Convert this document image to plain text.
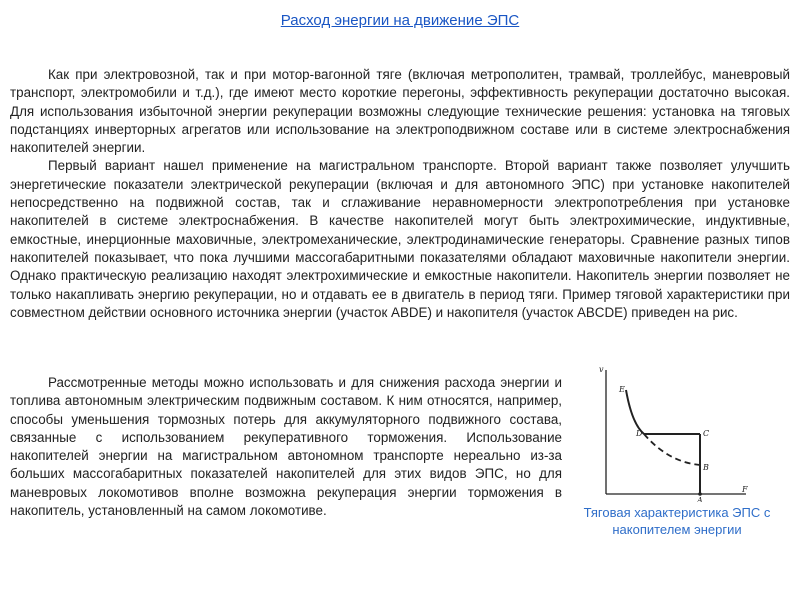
Расход энергии на движение ЭПС

Как при электровозной, так и при мотор-вагонной тяге (включая метрополитен, трамвай, троллейбус, маневровый транспорт, электромобили и т.д.), где имеют место короткие перегоны, эффективность рекуперации достаточно высокая. Для использования избыточной энергии рекуперации возможны следующие технические решения: установка на тяговых подстанциях инверторных агрегатов или использование на электроподвижном составе или в системе электроснабжения накопителей энергии.

Первый вариант нашел применение на магистральном транспорте. Второй вариант также позволяет улучшить энергетические показатели электрической рекуперации (включая и для автономного ЭПС) при установке накопителей непосредственно на подвижной состав, так и сглаживание неравномерности электропотребления при установке накопителей в системе электроснабжения. В качестве накопителей могут быть электрохимические, индуктивные, емкостные, инерционные маховичные, электромеханические, электродинамические генераторы. Сравнение разных типов накопителей показывает, что пока лучшими массогабаритными показателями обладают маховичные накопители энергии. Однако практическую реализацию находят электрохимические и емкостные накопители. Накопитель энергии позволяет не только накапливать энергию рекуперации, но и отдавать ее в двигатель в период тяги. Пример тяговой характеристики при совместном действии основного источника энергии (участок ABDE) и накопителя (участок ABCDE) приведен на рис.

Рассмотренные методы можно использовать и для снижения расхода энергии и топлива автономным электрическим подвижным составом. К ним относятся, например, способы уменьшения тормозных потерь для аккумуляторного подвижного состава, связанные с использованием рекуперативного торможения. Использование накопителей энергии на магистральном автономном транспорте нереально из-за больших массогабаритных показателей накопителей для этих видов ЭПС, но для маневровых локомотивов вполне возможна рекуперация энергии торможения в накопитель, установленный на самом локомотиве.

v
F
E
D	C
B
A
Тяговая характеристика ЭПС с накопителем энергии
